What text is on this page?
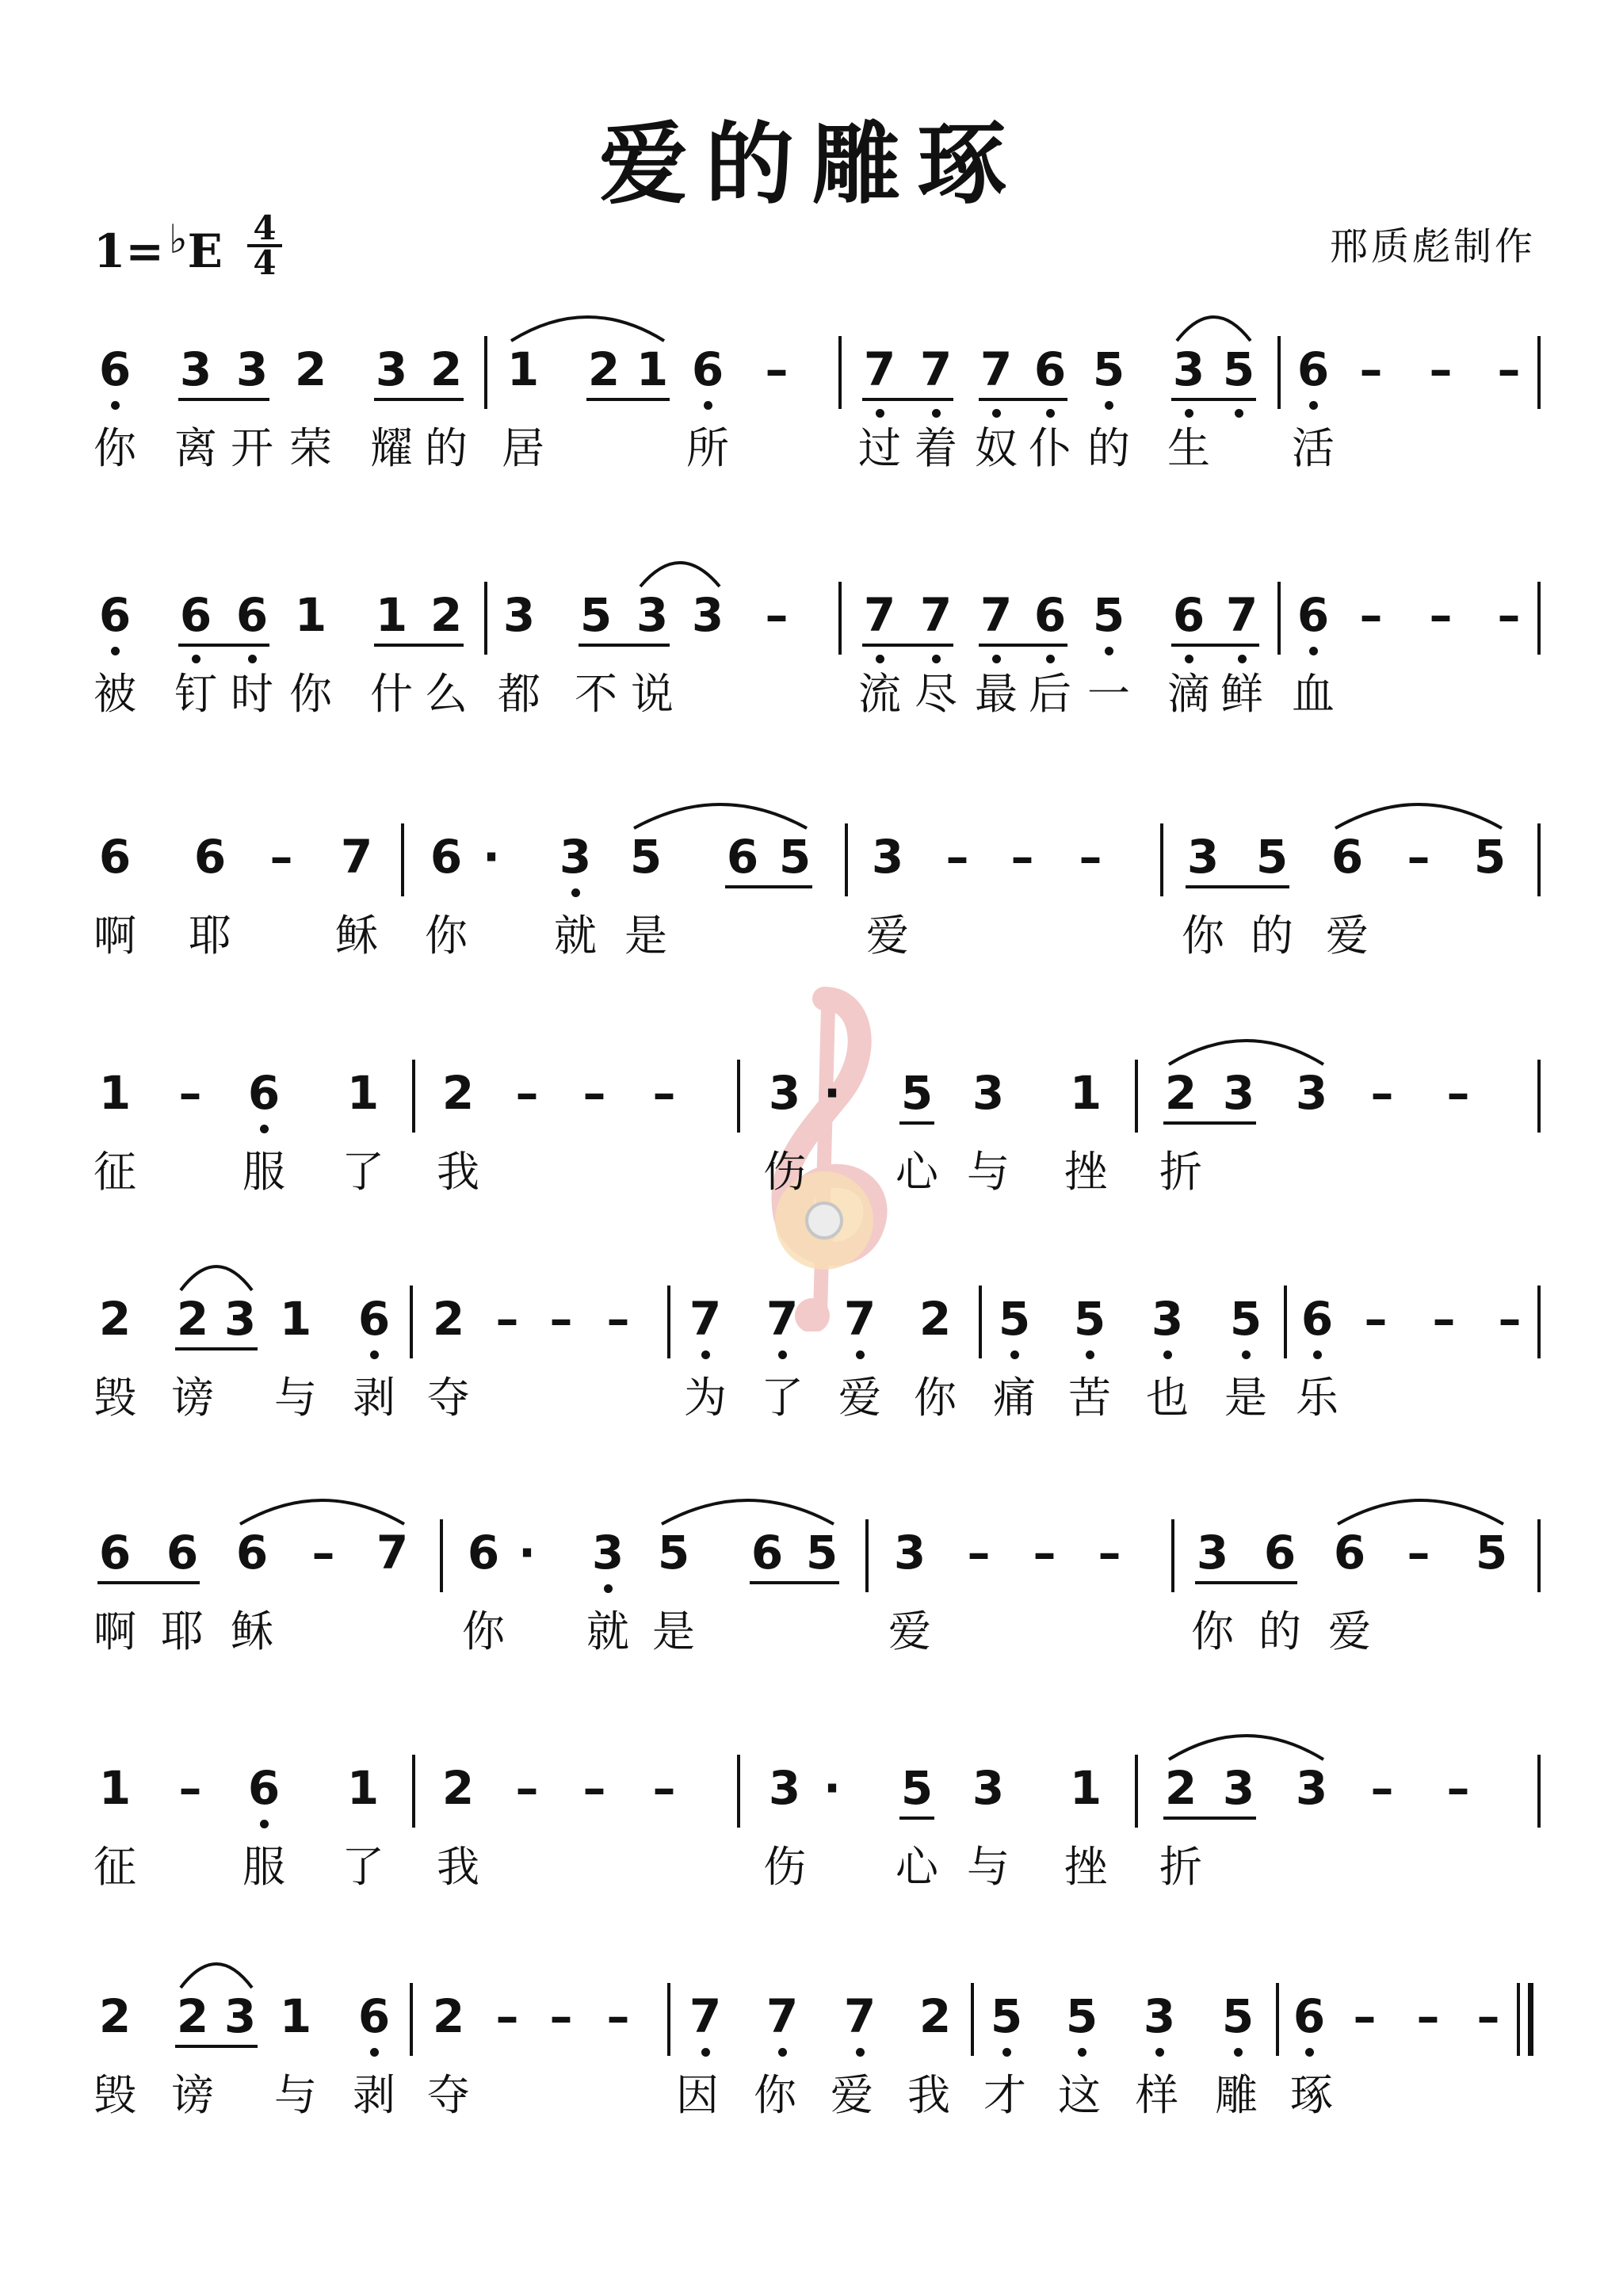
爱的雕琢
1= ♭E 4
4	邢质彪制作
6 3 3 2 3 2 1 2 1 6 – 7 7 7 6 5 3 5 6 – – –
你 离 开 荣 耀 的 居	所	过 着 奴 仆 的 生 活
6 6 6 1 1 2 3 5 3 3 – 7 7 7 6 5 6 7 6 – – –
被 钉 时 你 什 么 都 不 说	流 尽 最 后 一 滴 鲜 血
6 6 – 7 6 ·	3 5 6 5 3 – – – 3 5 6 – 5
啊 耶 稣 你 就 是	爱	你 的 爱
1 – 6 1 2 – – – 3 ·	5 3 1 2 3 3 – –
征 服 了 我	伤 心 与 挫 折
2 2 3 1 6 2 – – – 7 7 7 2 5 5 3 5 6 – – –
毁 谤 与 剥 夺	为 了 爱 你 痛 苦 也 是 乐
6 6 6 – 7 6 ·	3 5 6 5 3 – – – 3 6 6 – 5
啊 耶 稣	你 就 是	爱	你 的 爱
1 – 6 1 2 – – – 3 ·	5 3 1 2 3 3 – –
征 服 了 我	伤 心 与 挫 折
2 2 3 1 6 2 – – – 7 7 7 2 5 5 3 5 6 – – –
毁 谤 与 剥 夺	因 你 爱 我 才 这 样 雕 琢
